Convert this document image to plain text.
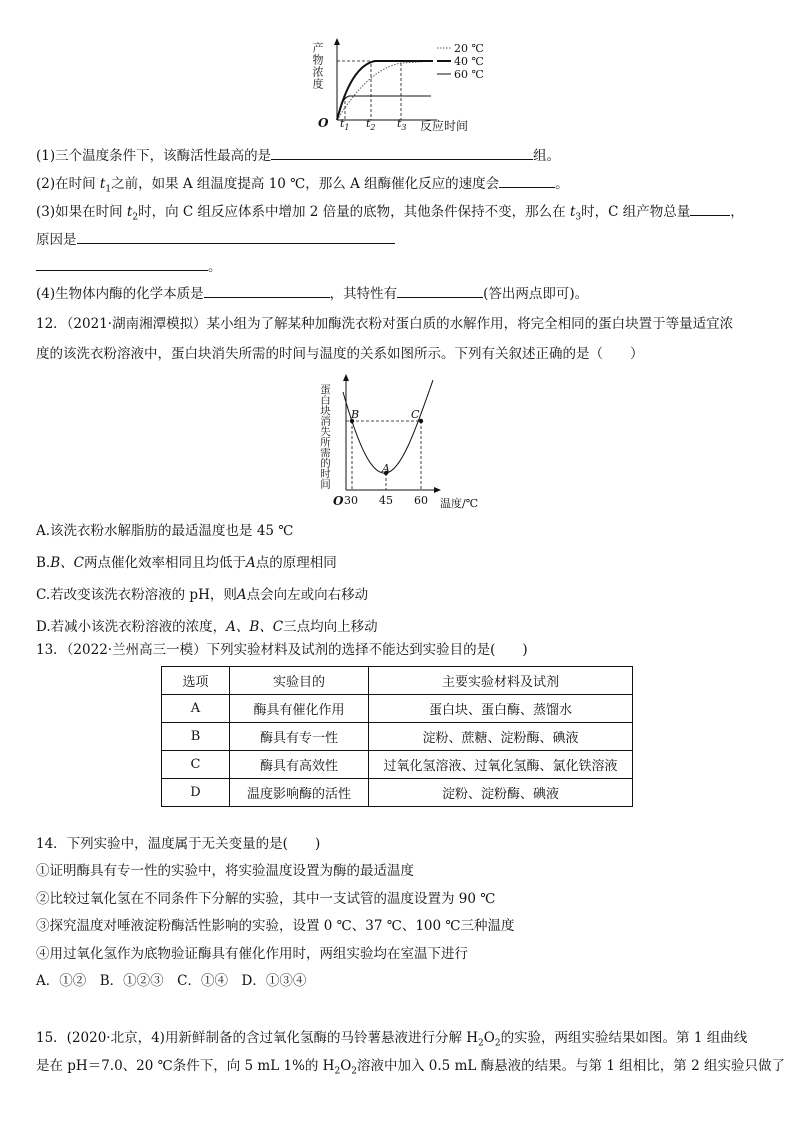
产物浓度	20 ℃
40 ℃
60 ℃
O $t_1$ $t_2$ $t_3$ 反应时间
(1)三个温度条件下，该酶活性最高的是	组。
(2)在时间 $t_1$之前，如果 A 组温度提高 10 ℃，那么 A 组酶催化反应的速度会	。
(3)如果在时间 $t_2$时，向 C 组反应体系中增加 2 倍量的底物，其他条件保持不变，那么在 $t_3$时，C 组产物总量	，
原因是
。
(4)生物体内酶的化学本质是	，其特性有	(答出两点即可)。
12．（2021·湖南湘潭模拟）某小组为了解某种加酶洗衣粉对蛋白质的水解作用，将完全相同的蛋白块置于等量适宜浓
度的该洗衣粉溶液中，蛋白块消失所需的时间与温度的关系如图所示。下列有关叙述正确的是（　　）
蛋白块消失所需的时间 B
A
C
O 30 45 60 温度/℃
A.该洗衣粉水解脂肪的最适温度也是 45 ℃
B.B、C两点催化效率相同且均低于A点的原理相同
C.若改变该洗衣粉溶液的 pH，则A点会向左或向右移动
D.若减小该洗衣粉溶液的浓度，A、B、C三点均向上移动
13．（2022·兰州高三一模）下列实验材料及试剂的选择不能达到实验目的是(　　)
选项	实验目的	主要实验材料及试剂
A	酶具有催化作用	蛋白块、蛋白酶、蒸馏水
B	酶具有专一性	淀粉、蔗糖、淀粉酶、碘液
C	酶具有高效性	过氧化氢溶液、过氧化氢酶、氯化铁溶液
D	温度影响酶的活性	淀粉、淀粉酶、碘液
14．下列实验中，温度属于无关变量的是(　　)
①证明酶具有专一性的实验中，将实验温度设置为酶的最适温度
②比较过氧化氢在不同条件下分解的实验，其中一支试管的温度设置为 90 ℃
③探究温度对唾液淀粉酶活性影响的实验，设置 0 ℃、37 ℃、100 ℃三种温度
④用过氧化氢作为底物验证酶具有催化作用时，两组实验均在室温下进行
A．①②　B．①②③　C．①④　D．①③④
15．(2020·北京，4)用新鲜制备的含过氧化氢酶的马铃薯悬液进行分解 $H_2O_2$的实验，两组实验结果如图。第 1 组曲线
是在 pH＝7.0、20 ℃条件下，向 5 mL 1%的 $H_2O_2$溶液中加入 0.5 mL 酶悬液的结果。与第 1 组相比，第 2 组实验只做了
